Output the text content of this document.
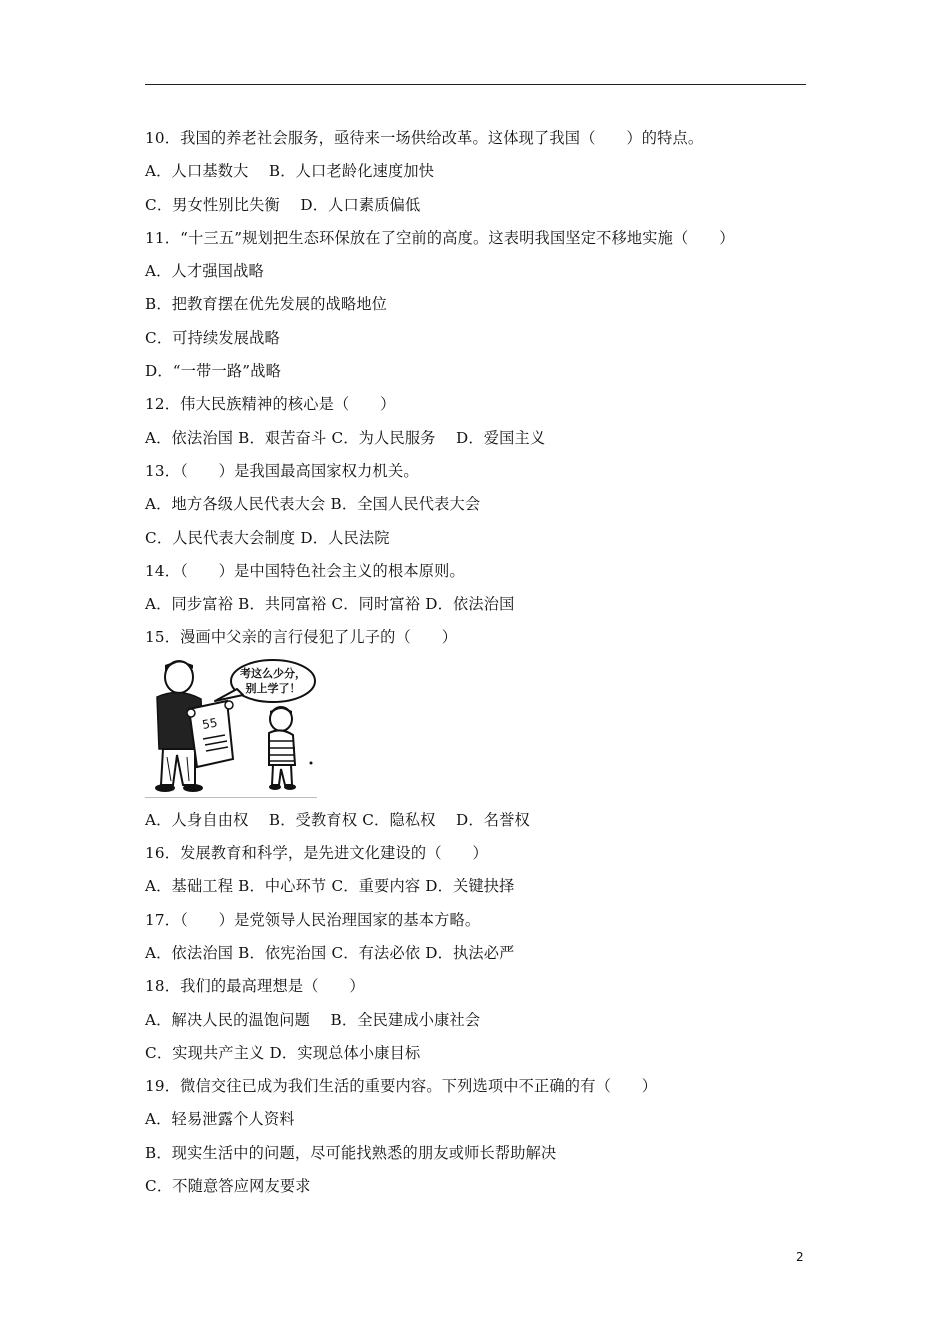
10．我国的养老社会服务，亟待来一场供给改革。这体现了我国（　　）的特点。
A．人口基数大　 B．人口老龄化速度加快
C．男女性别比失衡　 D．人口素质偏低
11．“十三五”规划把生态环保放在了空前的高度。这表明我国坚定不移地实施（　　）
A．人才强国战略
B．把教育摆在优先发展的战略地位
C．可持续发展战略
D．“一带一路”战略
12．伟大民族精神的核心是（　　）
A．依法治国 B．艰苦奋斗 C．为人民服务　 D．爱国主义
13．（　　）是我国最高国家权力机关。
A．地方各级人民代表大会 B．全国人民代表大会
C．人民代表大会制度 D．人民法院
14．（　　）是中国特色社会主义的根本原则。
A．同步富裕 B．共同富裕 C．同时富裕 D．依法治国
15．漫画中父亲的言行侵犯了儿子的（　　）
考这么少分，
别上学了！
55
A．人身自由权　 B．受教育权 C．隐私权　 D．名誉权
16．发展教育和科学，是先进文化建设的（　　）
A．基础工程 B．中心环节 C．重要内容 D．关键抉择
17．（　　）是党领导人民治理国家的基本方略。
A．依法治国 B．依宪治国 C．有法必依 D．执法必严
18．我们的最高理想是（　　）
A．解决人民的温饱问题　 B．全民建成小康社会
C．实现共产主义 D．实现总体小康目标
19．微信交往已成为我们生活的重要内容。下列选项中不正确的有（　　）
A．轻易泄露个人资料
B．现实生活中的问题，尽可能找熟悉的朋友或师长帮助解决
C．不随意答应网友要求
2
